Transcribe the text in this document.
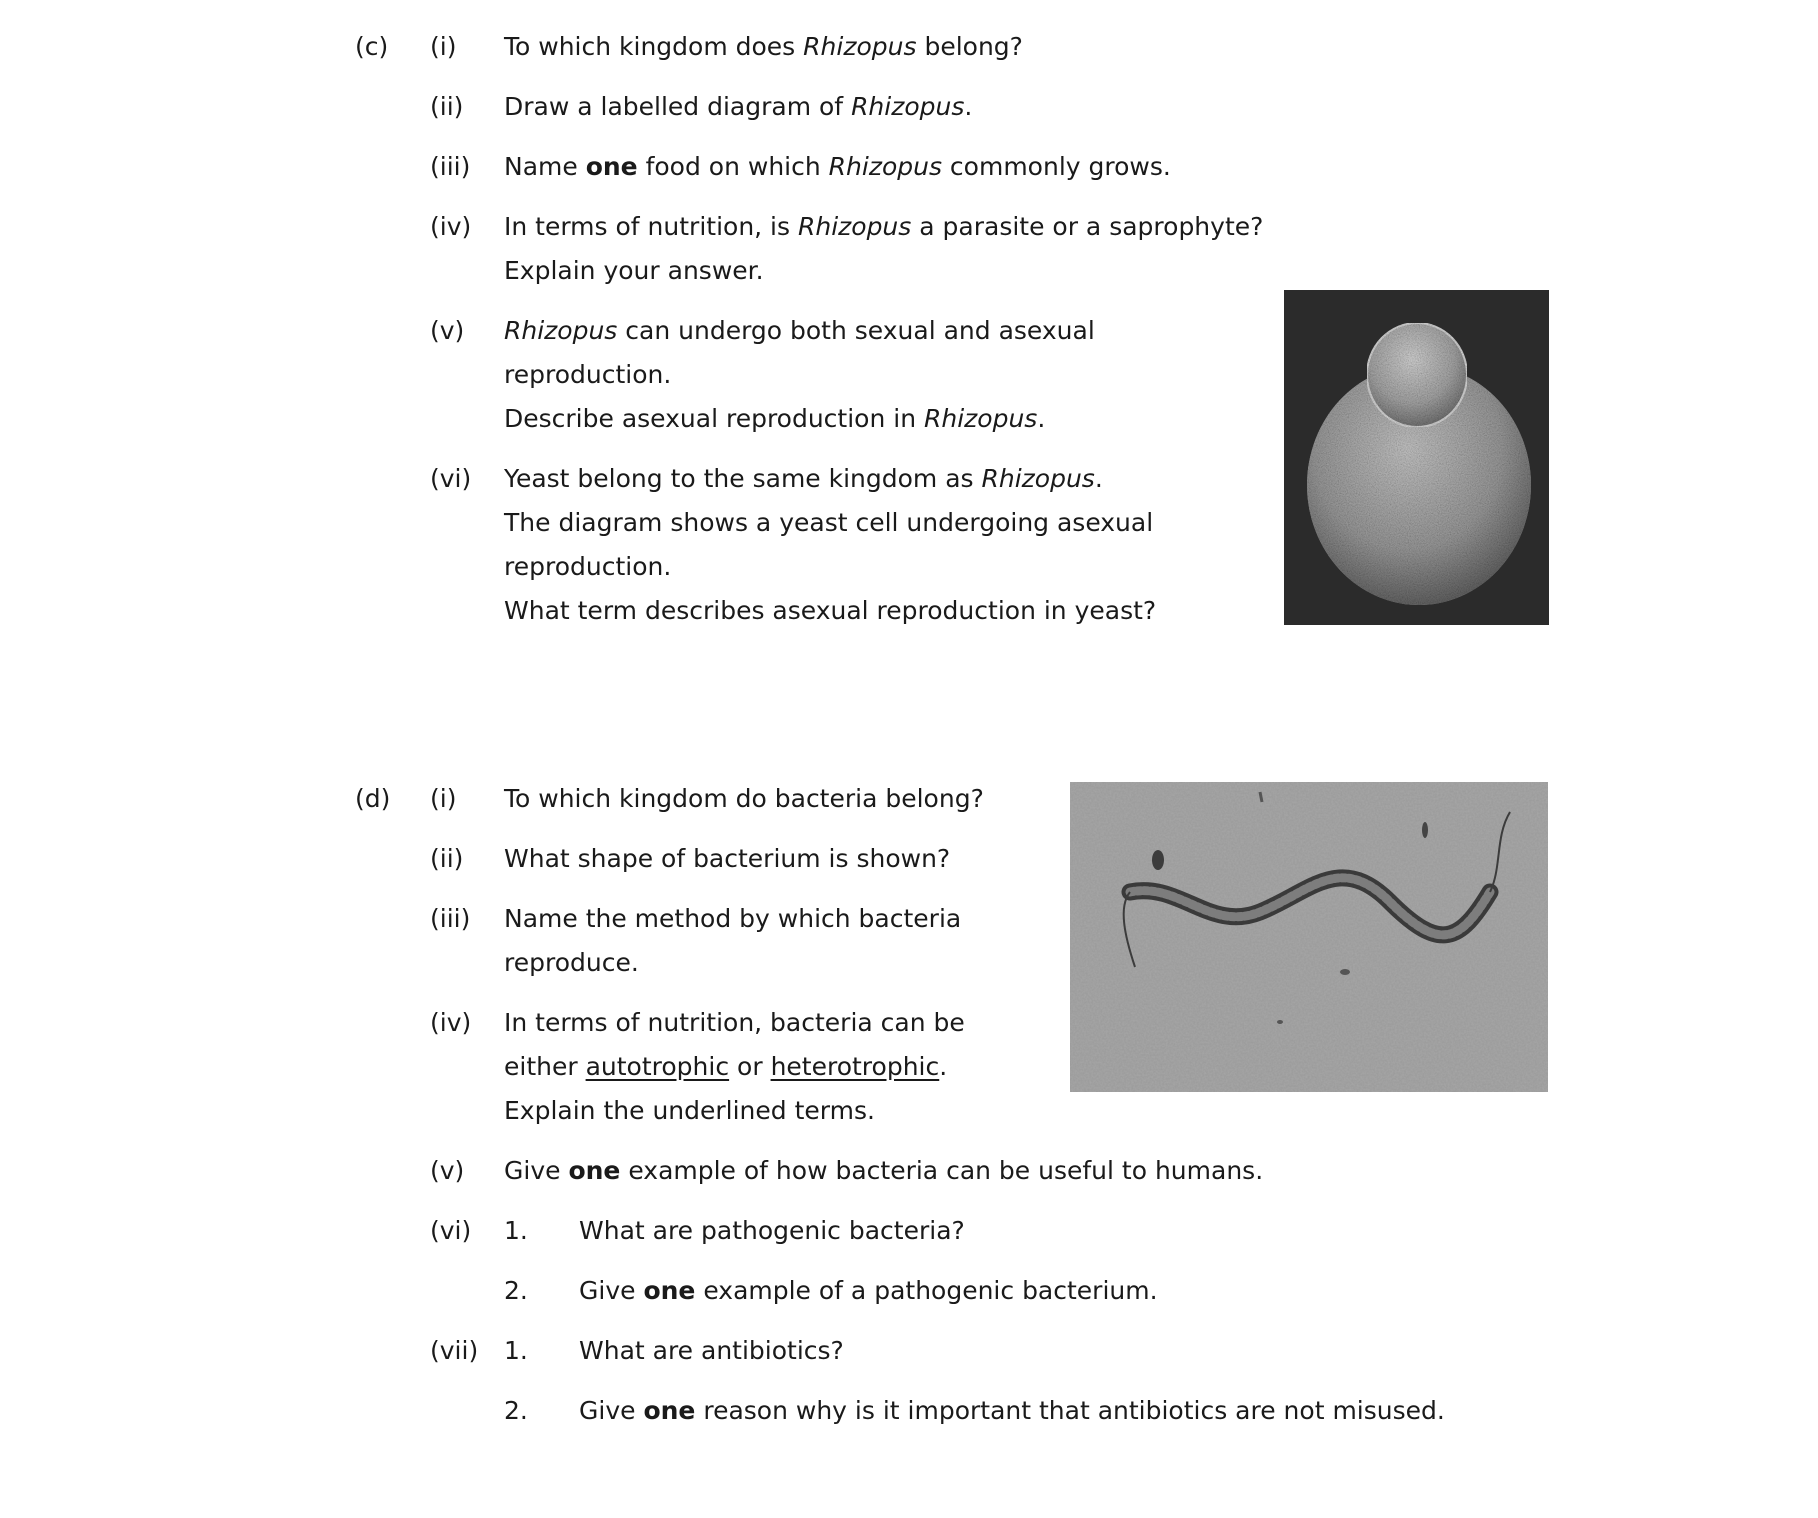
(c) (i) To which kingdom does Rhizopus belong?
(ii) Draw a labelled diagram of Rhizopus.
(iii) Name one food on which Rhizopus commonly grows.
(iv) In terms of nutrition, is Rhizopus a parasite or a saprophyte?
Explain your answer.
(v) Rhizopus can undergo both sexual and asexual
reproduction.
Describe asexual reproduction in Rhizopus.
(vi) Yeast belong to the same kingdom as Rhizopus.
The diagram shows a yeast cell undergoing asexual
reproduction.
What term describes asexual reproduction in yeast?
(d) (i) To which kingdom do bacteria belong?
(ii) What shape of bacterium is shown?
(iii) Name the method by which bacteria
reproduce.
(iv) In terms of nutrition, bacteria can be
either autotrophic or heterotrophic.
Explain the underlined terms.
(v) Give one example of how bacteria can be useful to humans.
(vi) 1. What are pathogenic bacteria?
2. Give one example of a pathogenic bacterium.
(vii) 1. What are antibiotics?
2. Give one reason why is it important that antibiotics are not misused.
